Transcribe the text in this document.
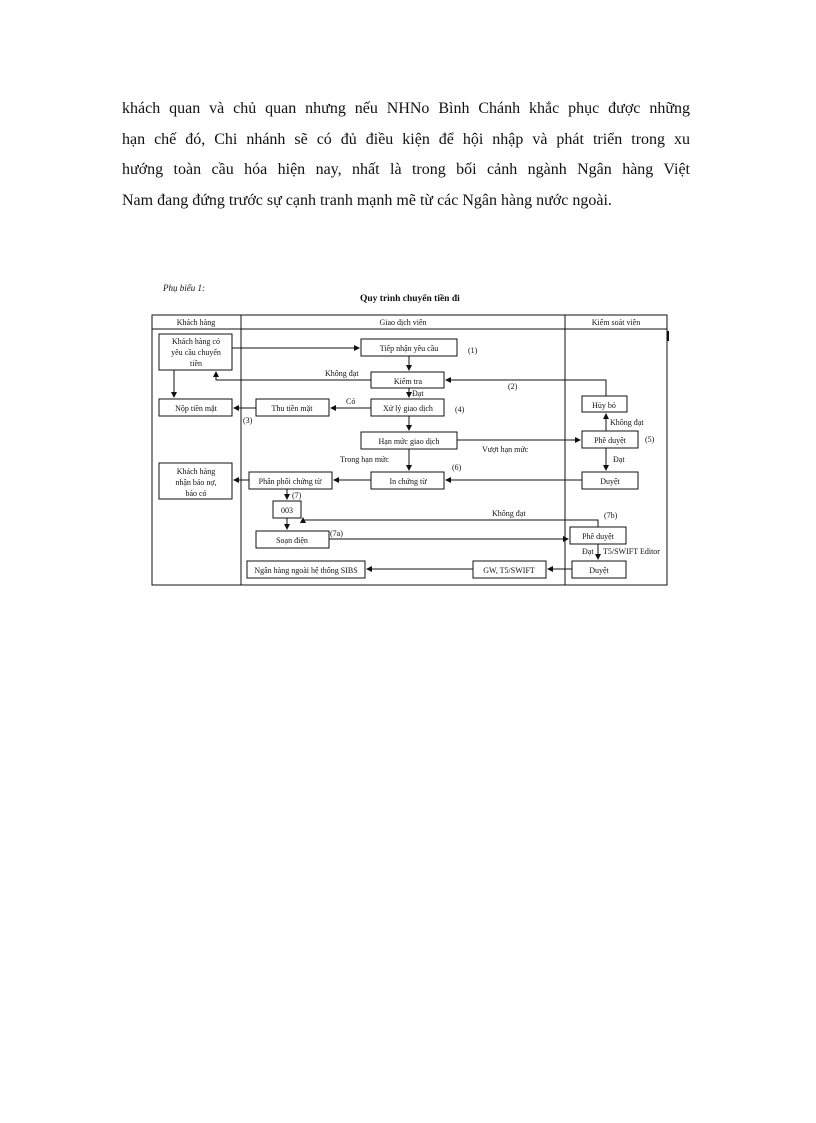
khách quan và chủ quan nhưng nếu NHNo Bình Chánh khắc phục được những
hạn chế đó, Chi nhánh sẽ có đủ điều kiện để hội nhập và phát triển trong xu
hướng toàn cầu hóa hiện nay, nhất là trong bối cảnh ngành Ngân hàng Việt
Nam đang đứng trước sự cạnh tranh mạnh mẽ từ các Ngân hàng nước ngoài.
Phụ biểu 1:
Quy trình chuyển tiền đi
Khách hàng	Giao dịch viên	Kiểm soát viên
Khách hàng có
yêu cầu chuyển
tiền
Nộp tiền mặt
Khách hàng
nhận báo nợ,
báo có
Tiếp nhận yêu cầu
Kiểm tra
Thu tiền mặt	Xử lý giao dịch
Hạn mức giao dịch
In chứng từ
Phân phối chứng từ
003
Soạn điện
Ngân hàng ngoài hệ thống SIBS	GW, T5/SWIFT
Hủy bỏ
Phê duyệt
Duyệt
Phê duyệt
Duyệt
(1)
(2)
(3)
(4)
(5)
(6)
(7)
(7a)
(7b)
Không đạt
Đạt
Có
Không đạt
Vượt hạn mức
Đạt
Trong hạn mức
Không đạt
Đạt T5/SWIFT Editor
